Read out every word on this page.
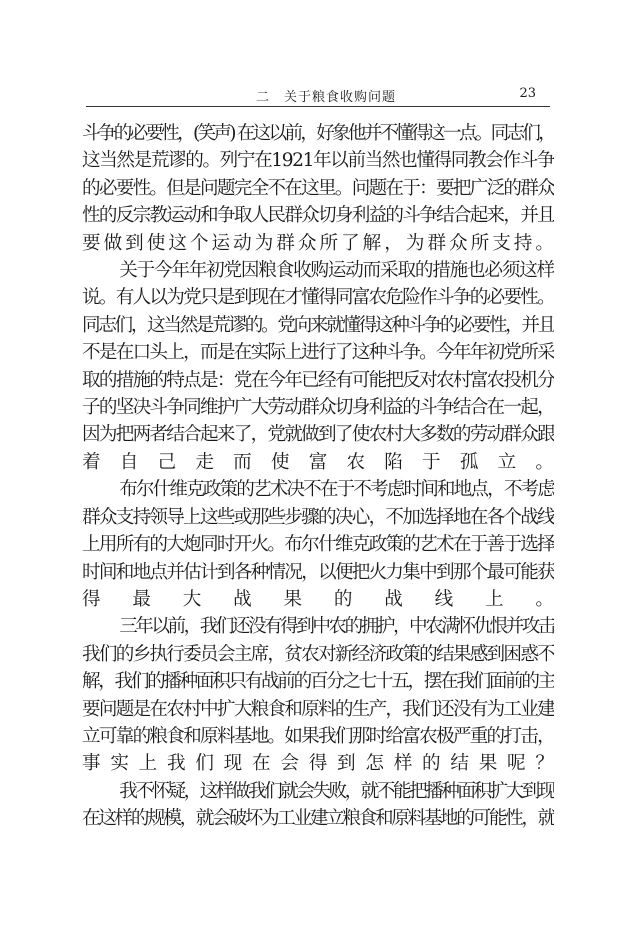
二　关于粮食收购问题	23
斗争的必要性，(笑声) 在这以前，好象他并不懂得这一点。同志们，
这当然是荒谬的。列宁在1921年以前当然也懂得同教会作斗争
的必要性。但是问题完全不在这里。问题在于：要把广泛的群众
性的反宗教运动和争取人民群众切身利益的斗争结合起来，并且
要做到使这个运动为群众所了解，为群众所支持。
关于今年年初党因粮食收购运动而采取的措施也必须这样
说。有人以为党只是到现在才懂得同富农危险作斗争的必要性。
同志们，这当然是荒谬的。党向来就懂得这种斗争的必要性，并且
不是在口头上，而是在实际上进行了这种斗争。今年年初党所采
取的措施的特点是：党在今年已经有可能把反对农村富农投机分
子的坚决斗争同维护广大劳动群众切身利益的斗争结合在一起，
因为把两者结合起来了，党就做到了使农村大多数的劳动群众跟
着自己走而使富农陷于孤立。
布尔什维克政策的艺术决不在于不考虑时间和地点，不考虑
群众支持领导上这些或那些步骤的决心，不加选择地在各个战线
上用所有的大炮同时开火。布尔什维克政策的艺术在于善于选择
时间和地点并估计到各种情况，以便把火力集中到那个最可能获
得最大战果的战线上。
三年以前，我们还没有得到中农的拥护，中农满怀仇恨并攻击
我们的乡执行委员会主席，贫农对新经济政策的结果感到困惑不
解，我们的播种面积只有战前的百分之七十五，摆在我们面前的主
要问题是在农村中扩大粮食和原料的生产，我们还没有为工业建
立可靠的粮食和原料基地。如果我们那时给富农极严重的打击，
事实上我们现在会得到怎样的结果呢？
我不怀疑，这样做我们就会失败，就不能把播种面积扩大到现
在这样的规模，就会破坏为工业建立粮食和原料基地的可能性，就
